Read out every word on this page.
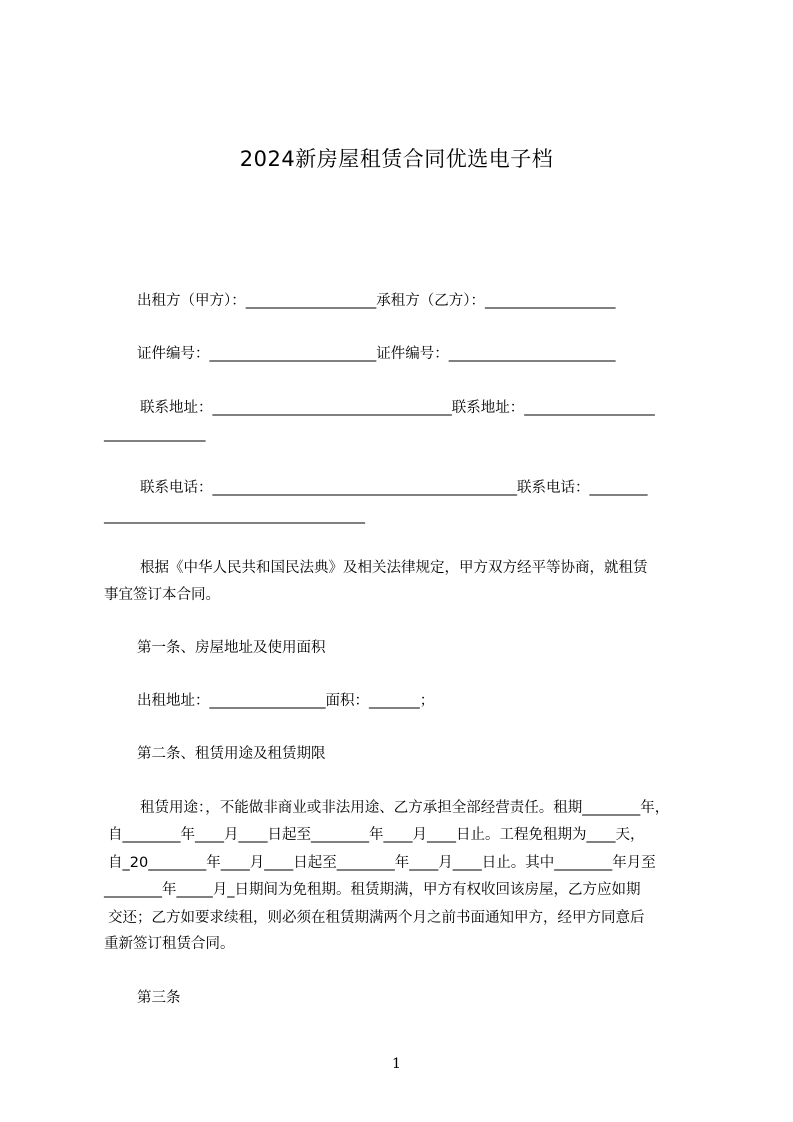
2024新房屋租赁合同优选电子档
出租方（甲方）：__________________承租方（乙方）：__________________
证件编号：_______________________证件编号：_______________________
联系地址：_________________________________联系地址：__________________
______________
联系电话：__________________________________________联系电话：________
____________________________________
根据《中华人民共和国民法典》及相关法律规定，甲方双方经平等协商，就租赁
事宜签订本合同。
第一条、房屋地址及使用面积
出租地址：________________面积：_______；
第二条、租赁用途及租赁期限
租赁用途：，不能做非商业或非法用途、乙方承担全部经营责任。租期________年，
自________年____月____日起至________年____月____日止。工程免租期为____天，
自_20________年____月____日起至________年____月____日止。其中________年月至
________年_____月_日期间为免租期。租赁期满，甲方有权收回该房屋，乙方应如期
交还；乙方如要求续租，则必须在租赁期满两个月之前书面通知甲方，经甲方同意后
重新签订租赁合同。
第三条
1
